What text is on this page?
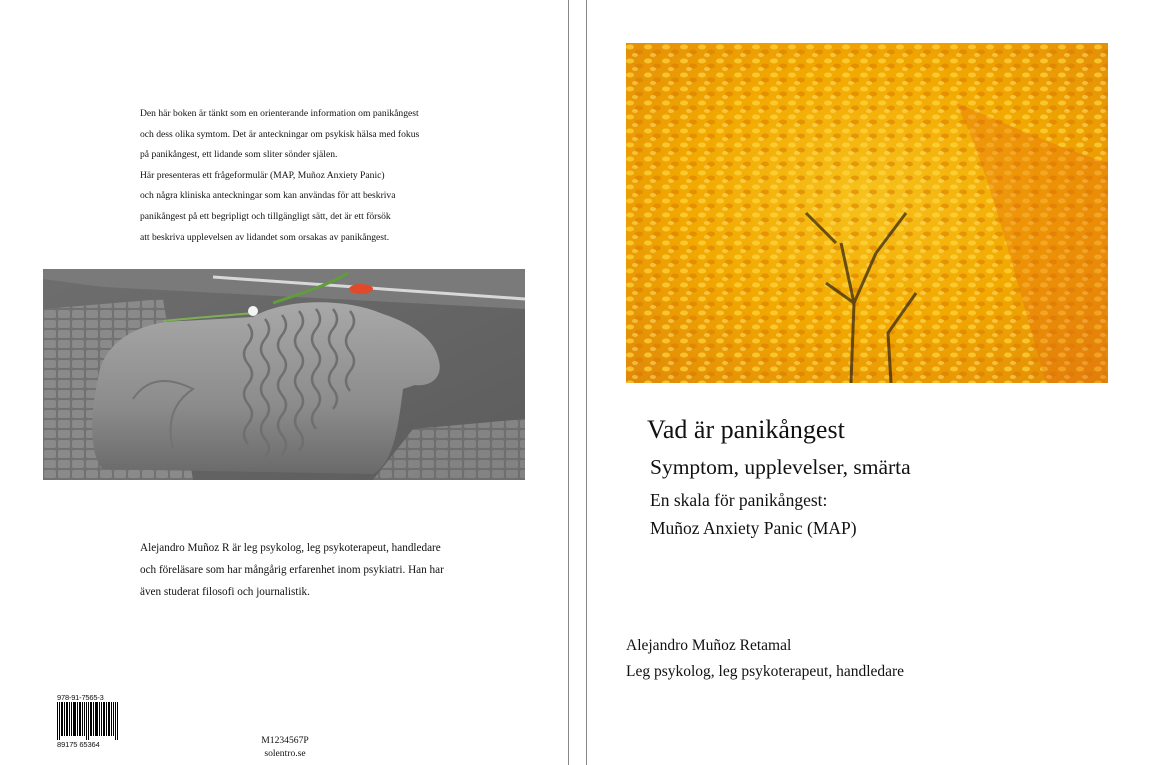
Den här boken är tänkt som en orienterande information om panikångest
och dess olika symtom. Det är anteckningar om psykisk hälsa med fokus
på panikångest, ett lidande som sliter sönder själen.
Här presenteras ett frågeformulär (MAP, Muñoz Anxiety Panic)
och några kliniska anteckningar som kan användas för att beskriva
panikångest på ett begripligt och tillgängligt sätt, det är ett försök
att beskriva upplevelsen av lidandet som orsakas av panikångest.
Alejandro Muñoz R är leg psykolog, leg psykoterapeut, handledare
och föreläsare som har mångårig erfarenhet inom psykiatri. Han har
även studerat filosofi och journalistik.
978-91-7565-3
89175 65364	M1234567P
solentro.se
Vad är panikångest
Symptom, upplevelser, smärta
En skala för panikångest:
Muñoz Anxiety Panic (MAP)
Alejandro Muñoz Retamal
Leg psykolog, leg psykoterapeut, handledare
